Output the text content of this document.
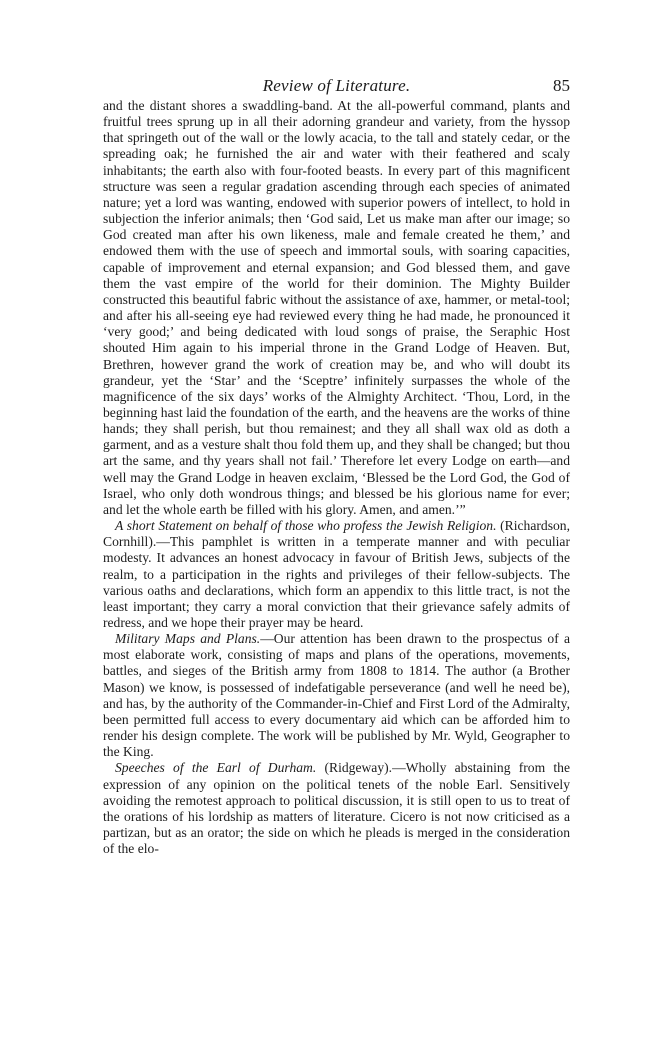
Review of Literature.	85

and the distant shores a swaddling-band. At the all-powerful command, plants and fruitful trees sprung up in all their adorning grandeur and variety, from the hyssop that springeth out of the wall or the lowly acacia, to the tall and stately cedar, or the spreading oak; he furnished the air and water with their feathered and scaly inhabitants; the earth also with four-footed beasts. In every part of this magnificent structure was seen a regular gradation ascending through each species of animated nature; yet a lord was wanting, endowed with superior powers of intellect, to hold in subjection the inferior animals; then ‘God said, Let us make man after our image; so God created man after his own likeness, male and female created he them,’ and endowed them with the use of speech and immortal souls, with soaring capacities, capable of improvement and eternal expansion; and God blessed them, and gave them the vast empire of the world for their dominion. The Mighty Builder constructed this beautiful fabric without the assistance of axe, hammer, or metal-tool; and after his all-seeing eye had reviewed every thing he had made, he pronounced it ‘very good;’ and being dedicated with loud songs of praise, the Seraphic Host shouted Him again to his imperial throne in the Grand Lodge of Heaven. But, Brethren, however grand the work of creation may be, and who will doubt its grandeur, yet the ‘Star’ and the ‘Sceptre’ infinitely surpasses the whole of the magnificence of the six days’ works of the Almighty Architect. ‘Thou, Lord, in the beginning hast laid the foundation of the earth, and the heavens are the works of thine hands; they shall perish, but thou remainest; and they all shall wax old as doth a garment, and as a vesture shalt thou fold them up, and they shall be changed; but thou art the same, and thy years shall not fail.’ Therefore let every Lodge on earth—and well may the Grand Lodge in heaven exclaim, ‘Blessed be the Lord God, the God of Israel, who only doth wondrous things; and blessed be his glorious name for ever; and let the whole earth be filled with his glory. Amen, and amen.’”

A short Statement on behalf of those who profess the Jewish Religion. (Richardson, Cornhill).—This pamphlet is written in a temperate manner and with peculiar modesty. It advances an honest advocacy in favour of British Jews, subjects of the realm, to a participation in the rights and privileges of their fellow-subjects. The various oaths and declarations, which form an appendix to this little tract, is not the least important; they carry a moral conviction that their grievance safely admits of redress, and we hope their prayer may be heard.

Military Maps and Plans.—Our attention has been drawn to the prospectus of a most elaborate work, consisting of maps and plans of the operations, movements, battles, and sieges of the British army from 1808 to 1814. The author (a Brother Mason) we know, is possessed of indefatigable perseverance (and well he need be), and has, by the authority of the Commander-in-Chief and First Lord of the Admiralty, been permitted full access to every documentary aid which can be afforded him to render his design complete. The work will be published by Mr. Wyld, Geographer to the King.

Speeches of the Earl of Durham. (Ridgeway).—Wholly abstaining from the expression of any opinion on the political tenets of the noble Earl. Sensitively avoiding the remotest approach to political discussion, it is still open to us to treat of the orations of his lordship as matters of literature. Cicero is not now criticised as a partizan, but as an orator; the side on which he pleads is merged in the consideration of the elo-
